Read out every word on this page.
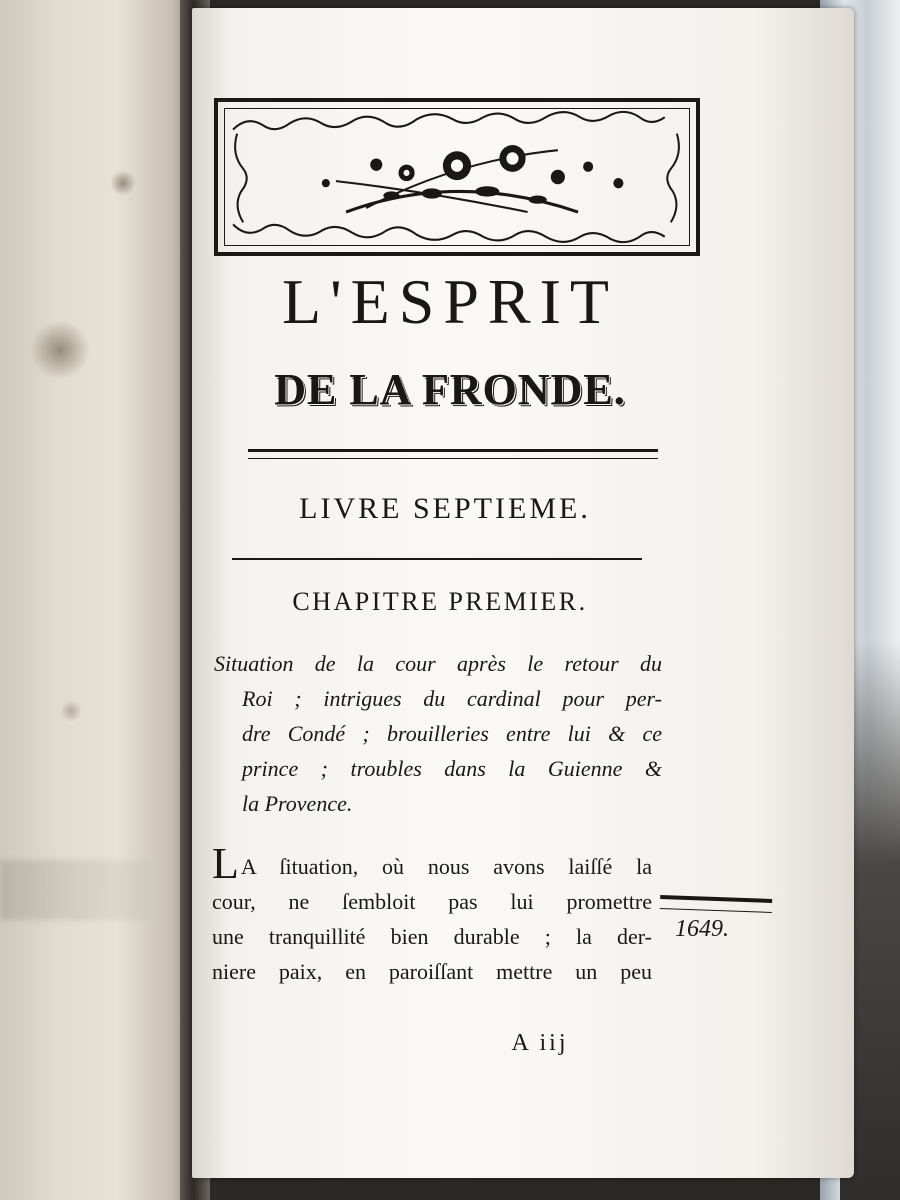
L'ESPRIT
DE LA FRONDE.
LIVRE SEPTIEME.
CHAPITRE PREMIER.
Situation de la cour après le retour du
Roi ; intrigues du cardinal pour per-
dre Condé ; brouilleries entre lui & ce
prince ; troubles dans la Guienne &
la Provence.
LA ſituation, où nous avons laiſſé la
cour, ne ſembloit pas lui promettre
une tranquillité bien durable ; la der-
niere paix, en paroiſſant mettre un peu
1649.
A iij
